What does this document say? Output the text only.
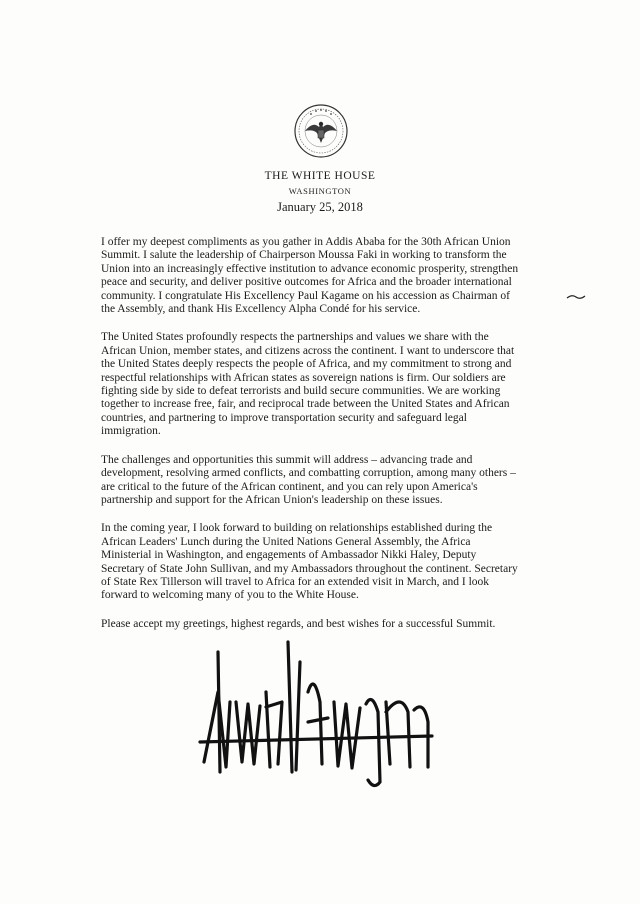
THE WHITE HOUSE
WASHINGTON
January 25, 2018

I offer my deepest compliments as you gather in Addis Ababa for the 30th African Union Summit. I salute the leadership of Chairperson Moussa Faki in working to transform the Union into an increasingly effective institution to advance economic prosperity, strengthen peace and security, and deliver positive outcomes for Africa and the broader international community. I congratulate His Excellency Paul Kagame on his accession as Chairman of the Assembly, and thank His Excellency Alpha Condé for his service.

The United States profoundly respects the partnerships and values we share with the African Union, member states, and citizens across the continent. I want to underscore that the United States deeply respects the people of Africa, and my commitment to strong and respectful relationships with African states as sovereign nations is firm. Our soldiers are fighting side by side to defeat terrorists and build secure communities. We are working together to increase free, fair, and reciprocal trade between the United States and African countries, and partnering to improve transportation security and safeguard legal immigration.

The challenges and opportunities this summit will address – advancing trade and development, resolving armed conflicts, and combatting corruption, among many others – are critical to the future of the African continent, and you can rely upon America's partnership and support for the African Union's leadership on these issues.

In the coming year, I look forward to building on relationships established during the African Leaders' Lunch during the United Nations General Assembly, the Africa Ministerial in Washington, and engagements of Ambassador Nikki Haley, Deputy Secretary of State John Sullivan, and my Ambassadors throughout the continent. Secretary of State Rex Tillerson will travel to Africa for an extended visit in March, and I look forward to welcoming many of you to the White House.

Please accept my greetings, highest regards, and best wishes for a successful Summit.
